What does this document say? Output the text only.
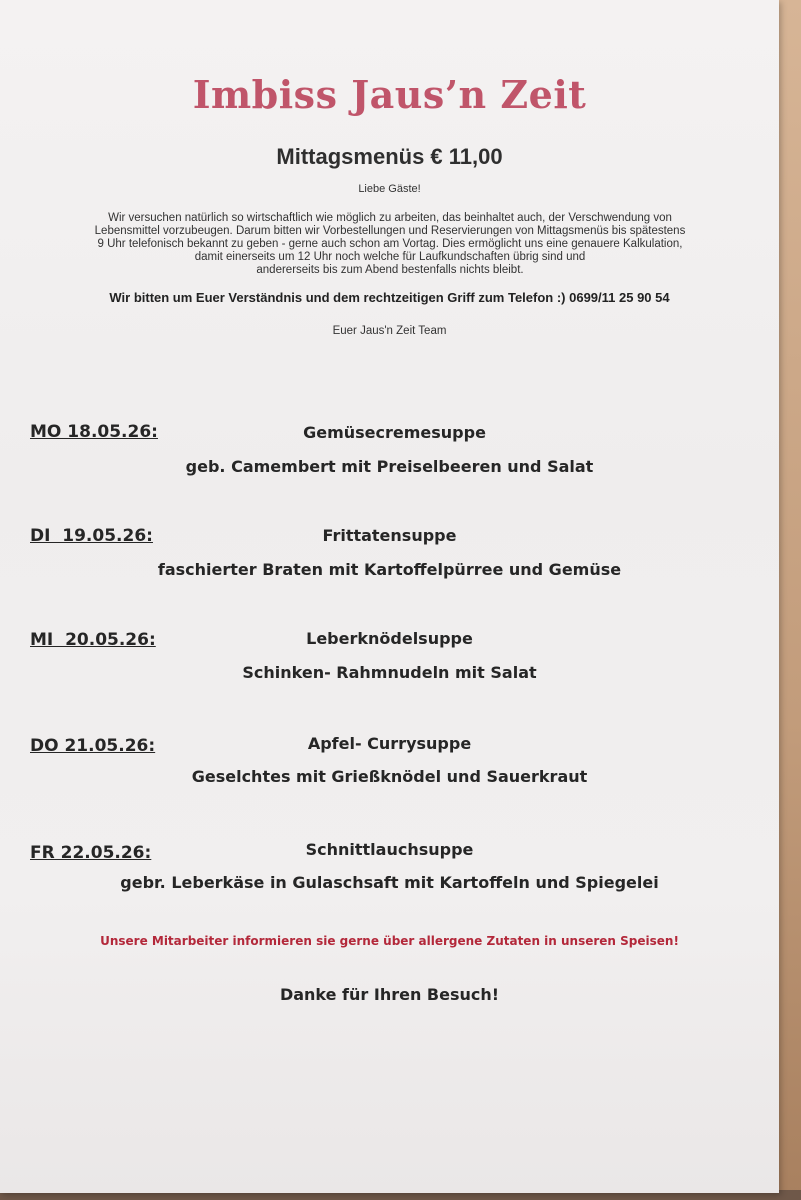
Imbiss Jaus’n Zeit
Mittagsmenüs € 11,00
Liebe Gäste!
Wir versuchen natürlich so wirtschaftlich wie möglich zu arbeiten, das beinhaltet auch, der Verschwendung von
Lebensmittel vorzubeugen. Darum bitten wir Vorbestellungen und Reservierungen von Mittagsmenüs bis spätestens
9 Uhr telefonisch bekannt zu geben - gerne auch schon am Vortag. Dies ermöglicht uns eine genauere Kalkulation,
damit einerseits um 12 Uhr noch welche für Laufkundschaften übrig sind und
andererseits bis zum Abend bestenfalls nichts bleibt.
Wir bitten um Euer Verständnis und dem rechtzeitigen Griff zum Telefon :) 0699/11 25 90 54
Euer Jaus'n Zeit Team
MO 18.05.26:	Gemüsecremesuppe
geb. Camembert mit Preiselbeeren und Salat
DI  19.05.26:	Frittatensuppe
faschierter Braten mit Kartoffelpürree und Gemüse
MI  20.05.26:	Leberknödelsuppe
Schinken- Rahmnudeln mit Salat
DO 21.05.26:	Apfel- Currysuppe
Geselchtes mit Grießknödel und Sauerkraut
FR 22.05.26:	Schnittlauchsuppe
gebr. Leberkäse in Gulaschsaft mit Kartoffeln und Spiegelei
Unsere Mitarbeiter informieren sie gerne über allergene Zutaten in unseren Speisen!
Danke für Ihren Besuch!
